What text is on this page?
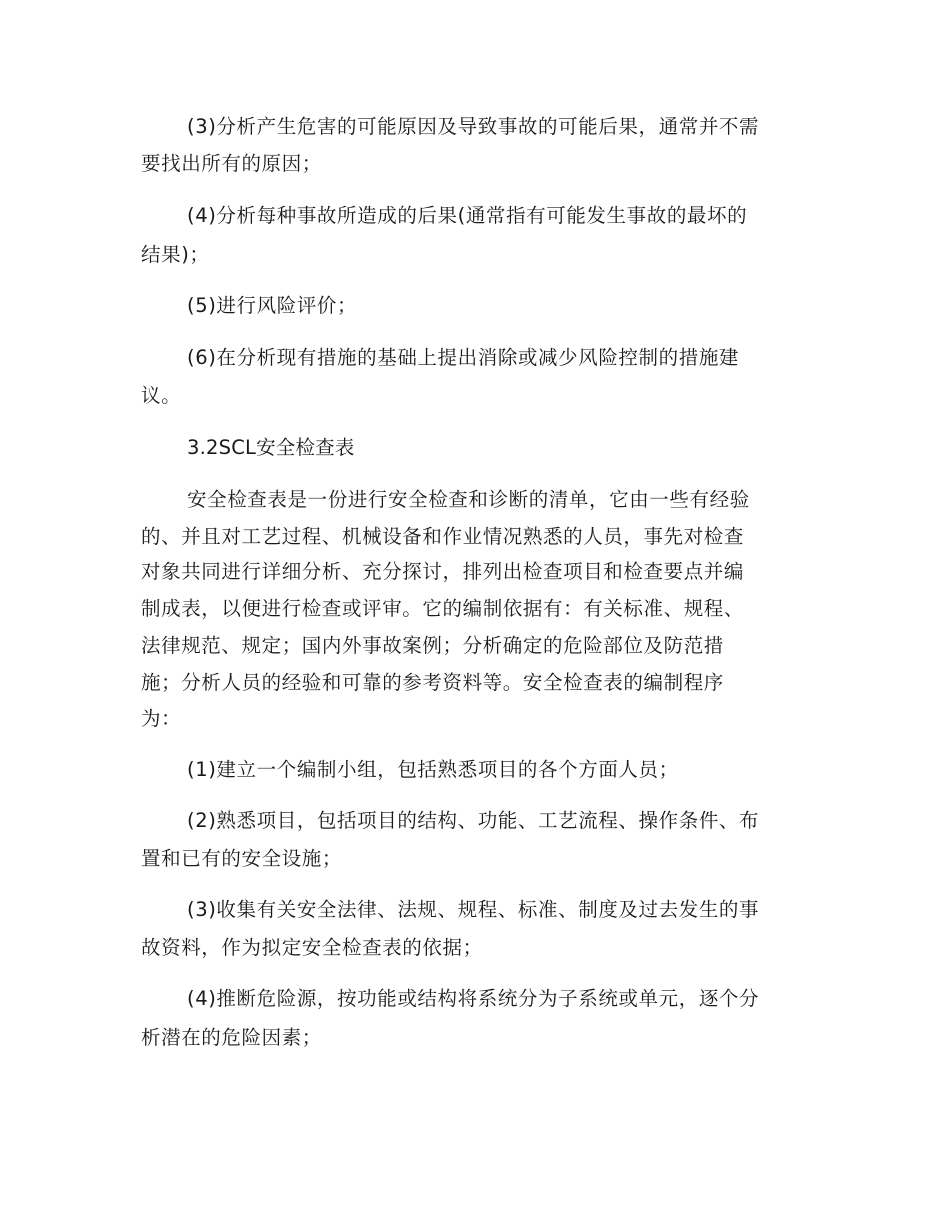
(3)分析产生危害的可能原因及导致事故的可能后果，通常并不需

要找出所有的原因；

(4)分析每种事故所造成的后果(通常指有可能发生事故的最坏的

结果)；

(5)进行风险评价；

(6)在分析现有措施的基础上提出消除或减少风险控制的措施建

议。

3.2SCL安全检查表

安全检查表是一份进行安全检查和诊断的清单，它由一些有经验

的、并且对工艺过程、机械设备和作业情况熟悉的人员，事先对检查

对象共同进行详细分析、充分探讨，排列出检查项目和检查要点并编

制成表，以便进行检查或评审。它的编制依据有：有关标准、规程、

法律规范、规定；国内外事故案例；分析确定的危险部位及防范措

施；分析人员的经验和可靠的参考资料等。安全检查表的编制程序

为：

(1)建立一个编制小组，包括熟悉项目的各个方面人员；

(2)熟悉项目，包括项目的结构、功能、工艺流程、操作条件、布

置和已有的安全设施；

(3)收集有关安全法律、法规、规程、标准、制度及过去发生的事

故资料，作为拟定安全检查表的依据；

(4)推断危险源，按功能或结构将系统分为子系统或单元，逐个分

析潜在的危险因素；
